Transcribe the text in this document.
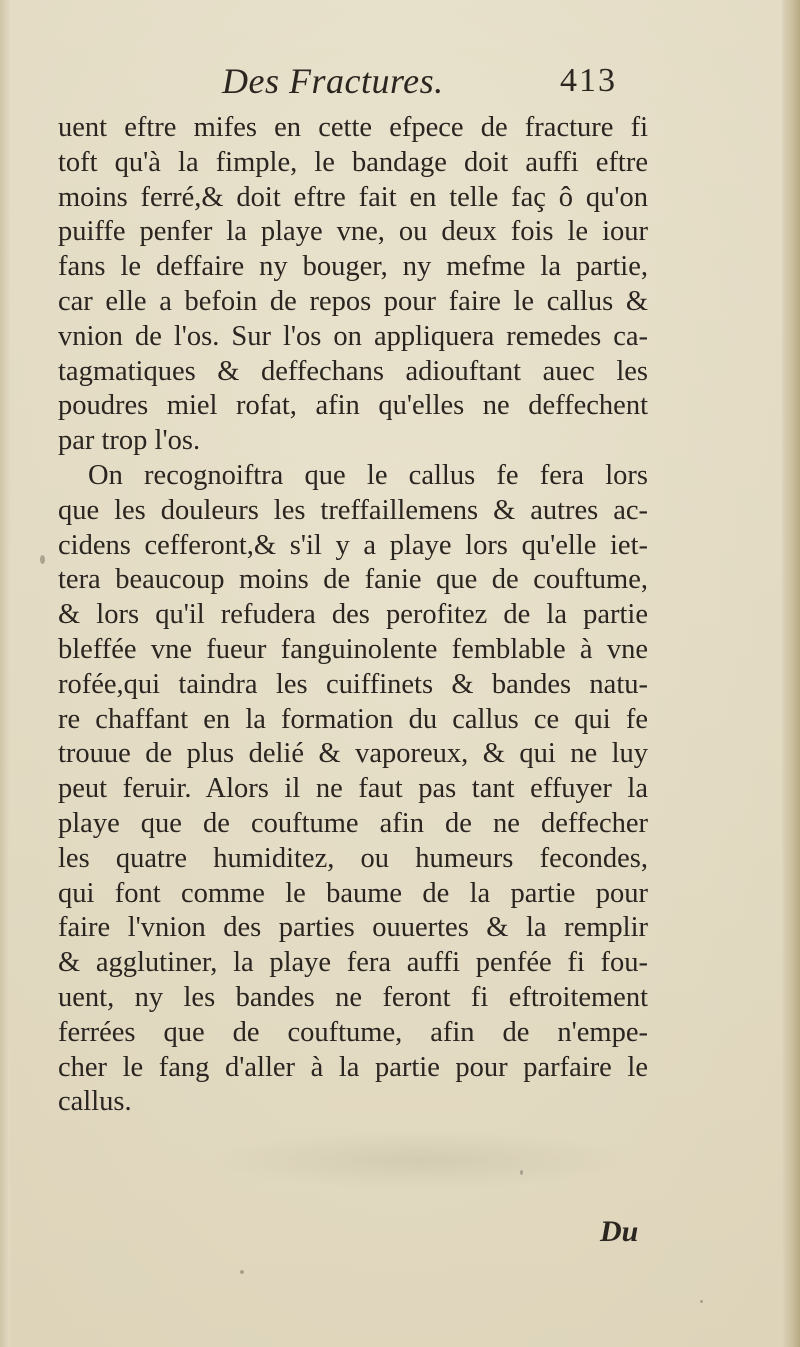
Des Fractures.	413
uent eftre mifes en cette efpece de fracture fi
toft qu'à la fimple, le bandage doit auffi eftre
moins ferré,& doit eftre fait en telle faç ô qu'on
puiffe penfer la playe vne, ou deux fois le iour
fans le deffaire ny bouger, ny mefme la partie,
car elle a befoin de repos pour faire le callus &
vnion de l'os. Sur l'os on appliquera remedes ca-
tagmatiques & deffechans adiouftant auec les
poudres miel rofat, afin qu'elles ne deffechent
par trop l'os.
On recognoiftra que le callus fe fera lors
que les douleurs les treffaillemens & autres ac-
cidens cefferont,& s'il y a playe lors qu'elle iet-
tera beaucoup moins de fanie que de couftume,
& lors qu'il refudera des perofitez de la partie
bleffée vne fueur fanguinolente femblable à vne
rofée,qui taindra les cuiffinets & bandes natu-
re chaffant en la formation du callus ce qui fe
trouue de plus delié & vaporeux, & qui ne luy
peut feruir. Alors il ne faut pas tant effuyer la
playe que de couftume afin de ne deffecher
les quatre humiditez, ou humeurs fecondes,
qui font comme le baume de la partie pour
faire l'vnion des parties ouuertes & la remplir
& agglutiner, la playe fera auffi penfée fi fou-
uent, ny les bandes ne feront fi eftroitement
ferrées que de couftume, afin de n'empe-
cher le fang d'aller à la partie pour parfaire le
callus.
Du
